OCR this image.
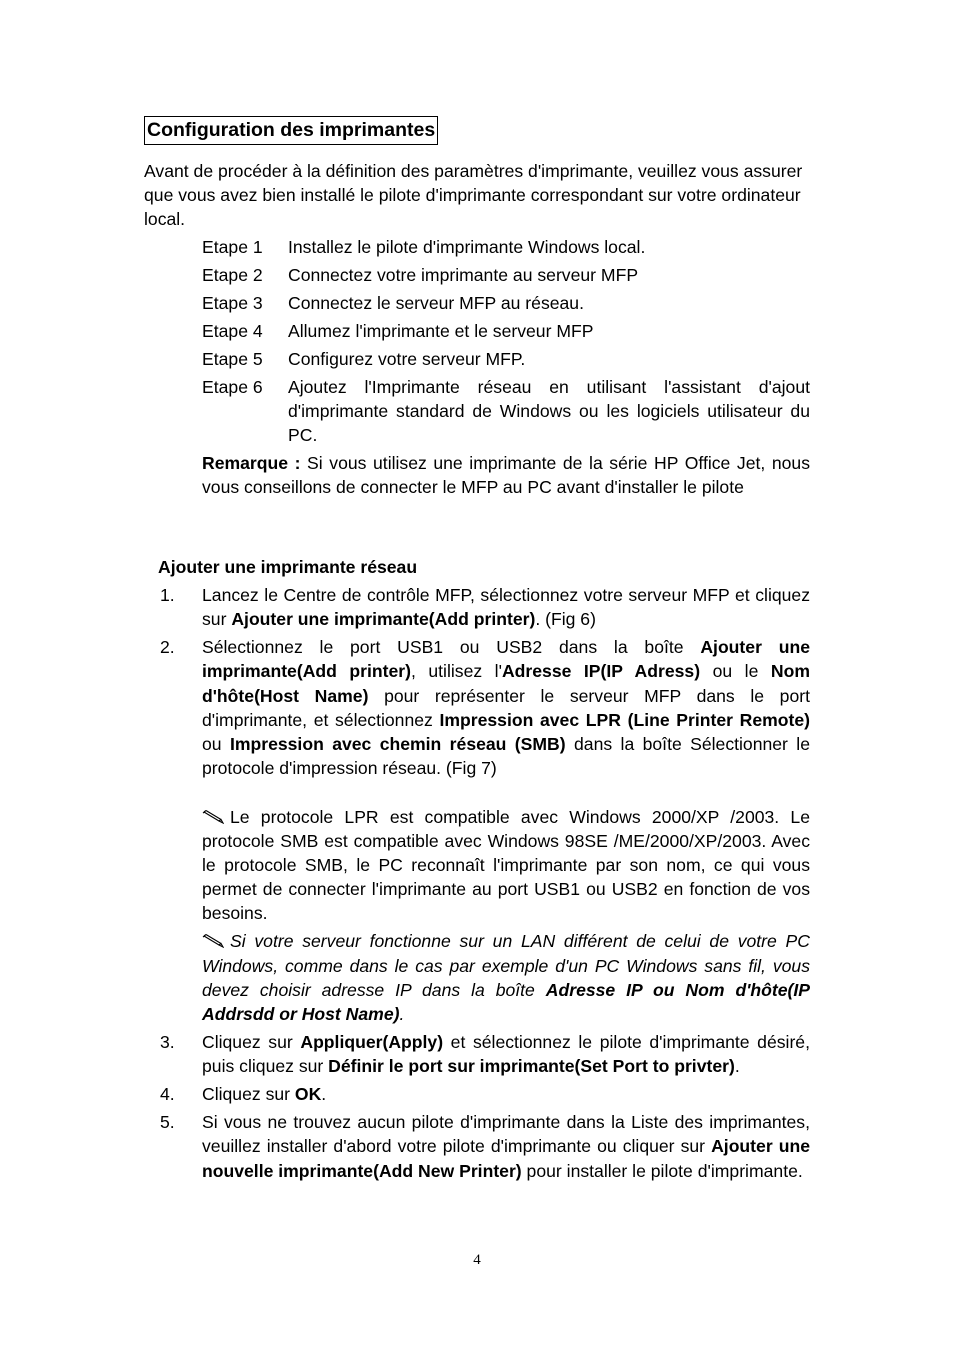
Configuration des imprimantes

Avant de procéder à la définition des paramètres d'imprimante, veuillez vous assurer que vous avez bien installé le pilote d'imprimante correspondant sur votre ordinateur local.

Etape 1	Installez le pilote d'imprimante Windows local.
Etape 2	Connectez votre imprimante au serveur MFP
Etape 3	Connectez le serveur MFP au réseau.
Etape 4	Allumez l'imprimante et le serveur MFP
Etape 5	Configurez votre serveur MFP.
Etape 6	Ajoutez l'Imprimante réseau en utilisant l'assistant d'ajout d'imprimante standard de Windows ou les logiciels utilisateur du PC.

Remarque : Si vous utilisez une imprimante de la série HP Office Jet, nous vous conseillons de connecter le MFP au PC avant d'installer le pilote

Ajouter une imprimante réseau
1.	Lancez le Centre de contrôle MFP, sélectionnez votre serveur MFP et cliquez sur Ajouter une imprimante(Add printer). (Fig 6)

2.	Sélectionnez le port USB1 ou USB2 dans la boîte Ajouter une imprimante(Add printer), utilisez l'Adresse IP(IP Adress) ou le Nom d'hôte(Host Name) pour représenter le serveur MFP dans le port d'imprimante, et sélectionnez Impression avec LPR (Line Printer Remote) ou Impression avec chemin réseau (SMB) dans la boîte Sélectionner le protocole d'impression réseau. (Fig 7)

Le protocole LPR est compatible avec Windows 2000/XP /2003. Le protocole SMB est compatible avec Windows 98SE /ME/2000/XP/2003. Avec le protocole SMB, le PC reconnaît l'imprimante par son nom, ce qui vous permet de connecter l'imprimante au port USB1 ou USB2 en fonction de vos besoins.

Si votre serveur fonctionne sur un LAN différent de celui de votre PC Windows, comme dans le cas par exemple d'un PC Windows sans fil, vous devez choisir adresse IP dans la boîte Adresse IP ou Nom d'hôte(IP Addrsdd or Host Name).

3.	Cliquez sur Appliquer(Apply) et sélectionnez le pilote d'imprimante désiré, puis cliquez sur Définir le port sur imprimante(Set Port to privter).

4.	Cliquez sur OK.

5.	Si vous ne trouvez aucun pilote d'imprimante dans la Liste des imprimantes, veuillez installer d'abord votre pilote d'imprimante ou cliquer sur Ajouter une nouvelle imprimante(Add New Printer) pour installer le pilote d'imprimante.

4
